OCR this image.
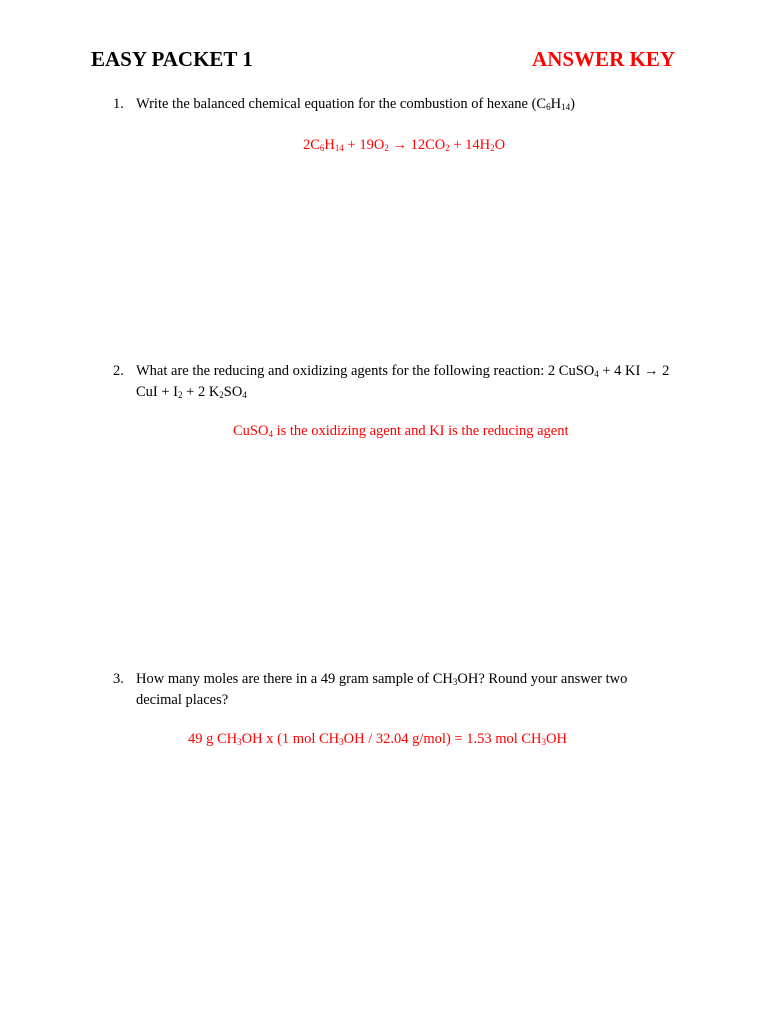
EASY PACKET 1	ANSWER KEY
1. Write the balanced chemical equation for the combustion of hexane $(C_6H_{14})$
$2C_6H_{14} + 19O_2 \to 12CO_2 + 14H_2O$
2. What are the reducing and oxidizing agents for the following reaction: 2 CuSO$_4$ + 4 KI → 2 CuI + $I_2 + 2$ $K_2SO_4$
CuSO$_4$ is the oxidizing agent and KI is the reducing agent
3. How many moles are there in a 49 gram sample of $CH_3OH$? Round your answer two decimal places?
49 g $CH_3OH$ x (1 mol $CH_3OH / 32.04$ g/mol) = 1.53 mol $CH_3OH$
